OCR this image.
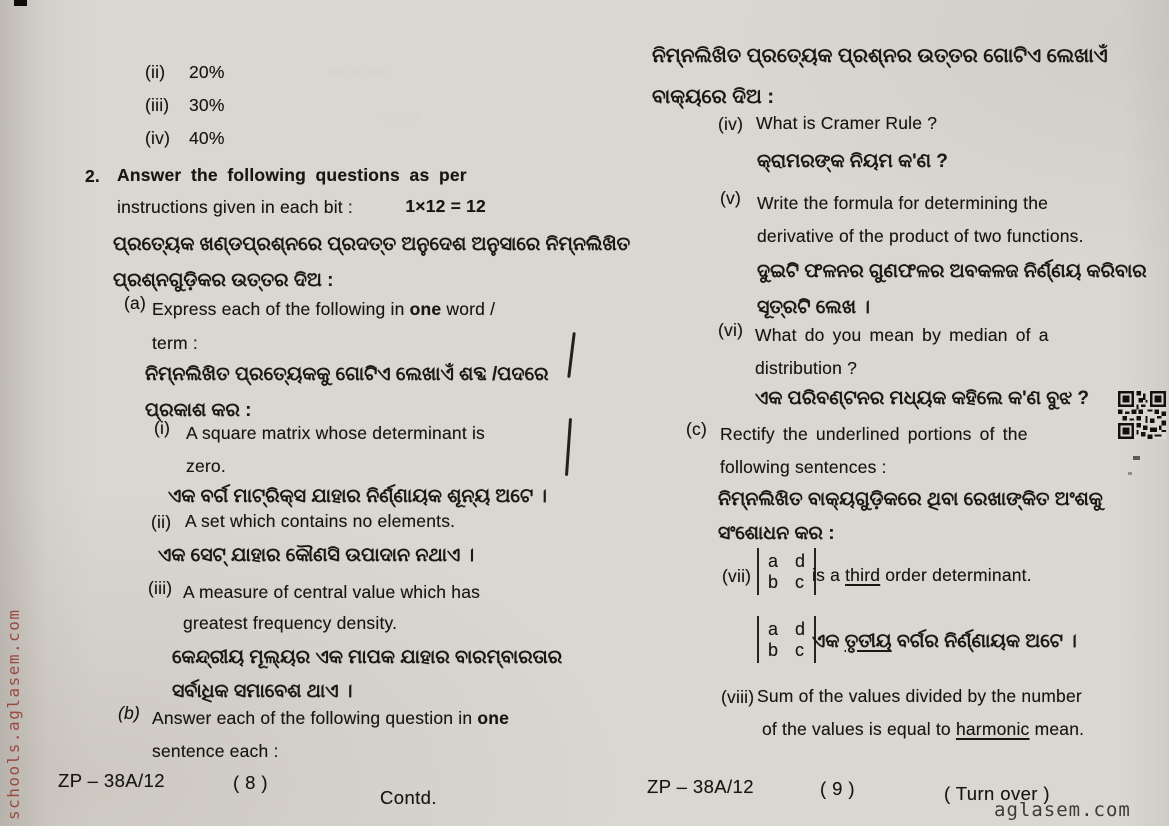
··· ··· ····
·· ····
schools.aglasem.com
(ii) 20%
(iii) 30%
(iv) 40%
2. Answer the following questions as per
instructions given in each bit :	1×12 = 12
ପ୍ରତ୍ୟେକ ଖଣ୍ଡପ୍ରଶ୍ନରେ ପ୍ରଦତ୍ତ ଅନୁଦେଶ ଅନୁସାରେ ନିମ୍ନଲିଖିତ
ପ୍ରଶ୍ନଗୁଡ଼ିକର ଉତ୍ତର ଦିଅ :
(a) Express each of the following in one word /
term :
ନିମ୍ନଲିଖିତ ପ୍ରତ୍ୟେକକୁ ଗୋଟିଏ ଲେଖାଏଁ ଶବ୍ଦ /ପଦରେ
ପ୍ରକାଶ କର :
(i) A square matrix whose determinant is
zero.
ଏକ ବର୍ଗ ମାଟ୍ରିକ୍ସ ଯାହାର ନିର୍ଣ୍ଣାୟକ ଶୂନ୍ୟ ଅଟେ ।
(ii) A set which contains no elements.
ଏକ ସେଟ୍ ଯାହାର କୌଣସି ଉପାଦାନ ନଥାଏ ।
(iii) A measure of central value which has
greatest frequency density.
କେନ୍ଦ୍ରୀୟ ମୂଲ୍ୟର ଏକ ମାପକ ଯାହାର ବାରମ୍ବାରତାର
ସର୍ବାଧିକ ସମାବେଶ ଥାଏ ।
(b) Answer each of the following question in one
sentence each :
ZP – 38A/12	( 8 )
Contd.
ନିମ୍ନଲିଖିତ ପ୍ରତ୍ୟେକ ପ୍ରଶ୍ନର ଉତ୍ତର ଗୋଟିଏ ଲେଖାଏଁ
ବାକ୍ୟରେ ଦିଅ :
(iv) What is Cramer Rule ?
କ୍ରାମରଙ୍କ ନିୟମ କ'ଣ ?
(v) Write the formula for determining the
derivative of the product of two functions.
ଦୁଇଟି ଫଳନର ଗୁଣଫଳର ଅବକଳଜ ନିର୍ଣ୍ଣୟ କରିବାର
ସୂତ୍ରଟି ଲେଖ ।
(vi) What do you mean by median of a
distribution ?
ଏକ ପରିବଣ୍ଟନର ମଧ୍ୟକ କହିଲେ କ'ଣ ବୁଝ ?
(c) Rectify the underlined portions of the
following sentences :
ନିମ୍ନଲିଖିତ ବାକ୍ୟଗୁଡ଼ିକରେ ଥିବା ରେଖାଙ୍କିତ ଅଂଶକୁ
ସଂଶୋଧନ କର :
(vii)
a d
b c is a third order determinant.
a d
b c ଏକ ତୃତୀୟ ବର୍ଗର ନିର୍ଣ୍ଣାୟକ ଅଟେ ।
(viii) Sum of the values divided by the number
of the values is equal to harmonic mean.
ZP – 38A/12	( 9 )	( Turn over )
aglasem.com
